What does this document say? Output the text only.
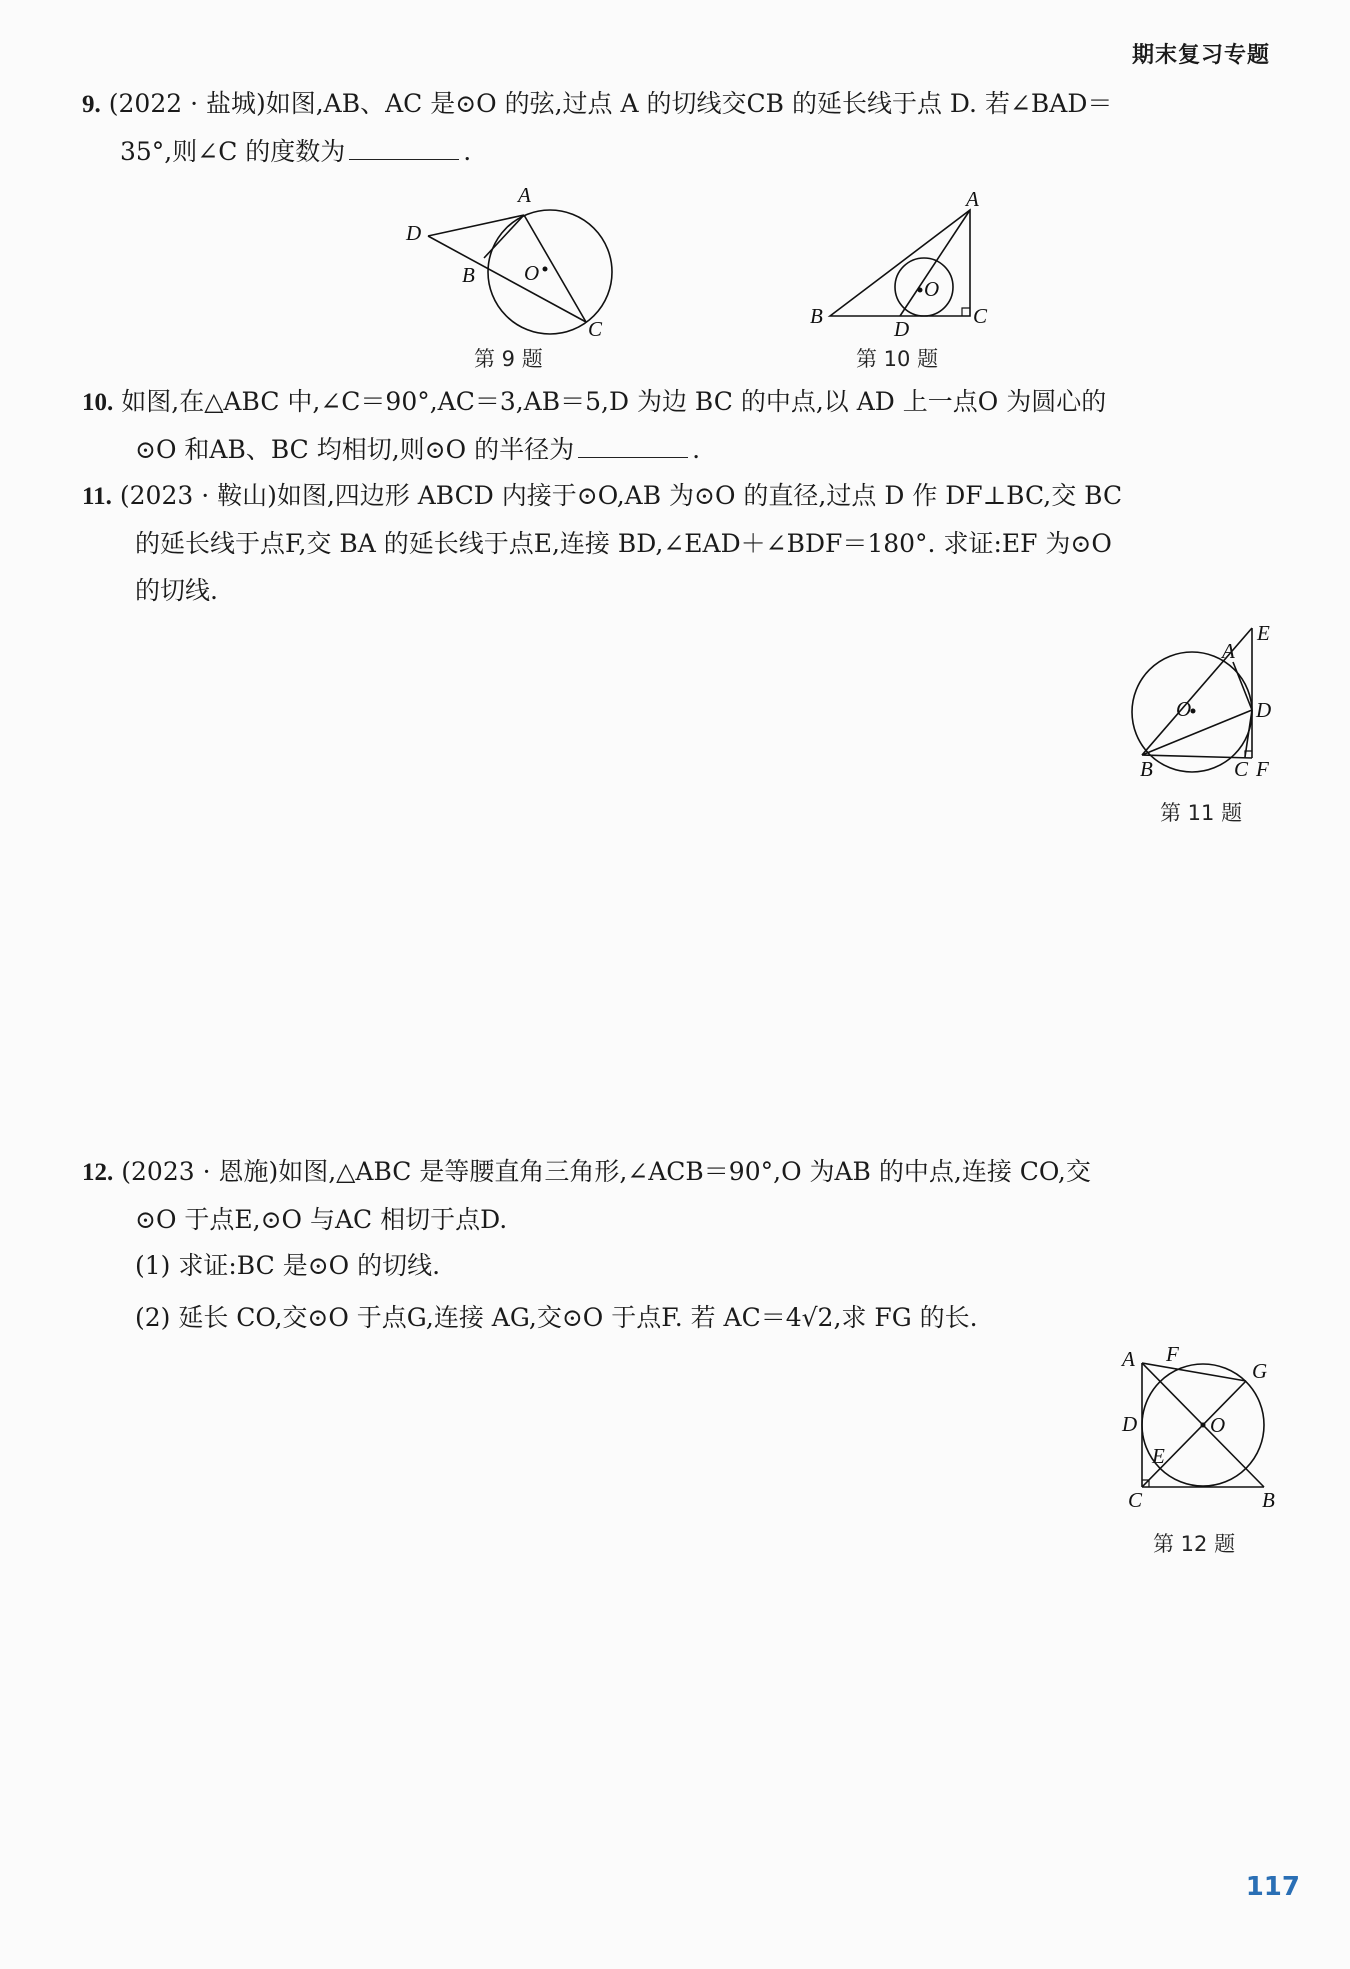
期末复习专题
9. (2022 · 盐城)如图,AB、AC 是⊙O 的弦,过点 A 的切线交CB 的延长线于点 D. 若∠BAD＝
35°,则∠C 的度数为	.
A
D
B O
C
第 9 题
A
B	C
D
O
第 10 题
10. 如图,在△ABC 中,∠C＝90°,AC＝3,AB＝5,D 为边 BC 的中点,以 AD 上一点O 为圆心的
⊙O 和AB、BC 均相切,则⊙O 的半径为	.
11. (2023 · 鞍山)如图,四边形 ABCD 内接于⊙O,AB 为⊙O 的直径,过点 D 作 DF⊥BC,交 BC
的延长线于点F,交 BA 的延长线于点E,连接 BD,∠EAD＋∠BDF＝180°. 求证:EF 为⊙O
的切线.
E
A
O	D
B	C F
第 11 题
12. (2023 · 恩施)如图,△ABC 是等腰直角三角形,∠ACB＝90°,O 为AB 的中点,连接 CO,交
⊙O 于点E,⊙O 与AC 相切于点D.
(1) 求证:BC 是⊙O 的切线.
(2) 延长 CO,交⊙O 于点G,连接 AG,交⊙O 于点F. 若 AC＝4√2,求 FG 的长.
A F
G
D	O
E
C	B
第 12 题
117
